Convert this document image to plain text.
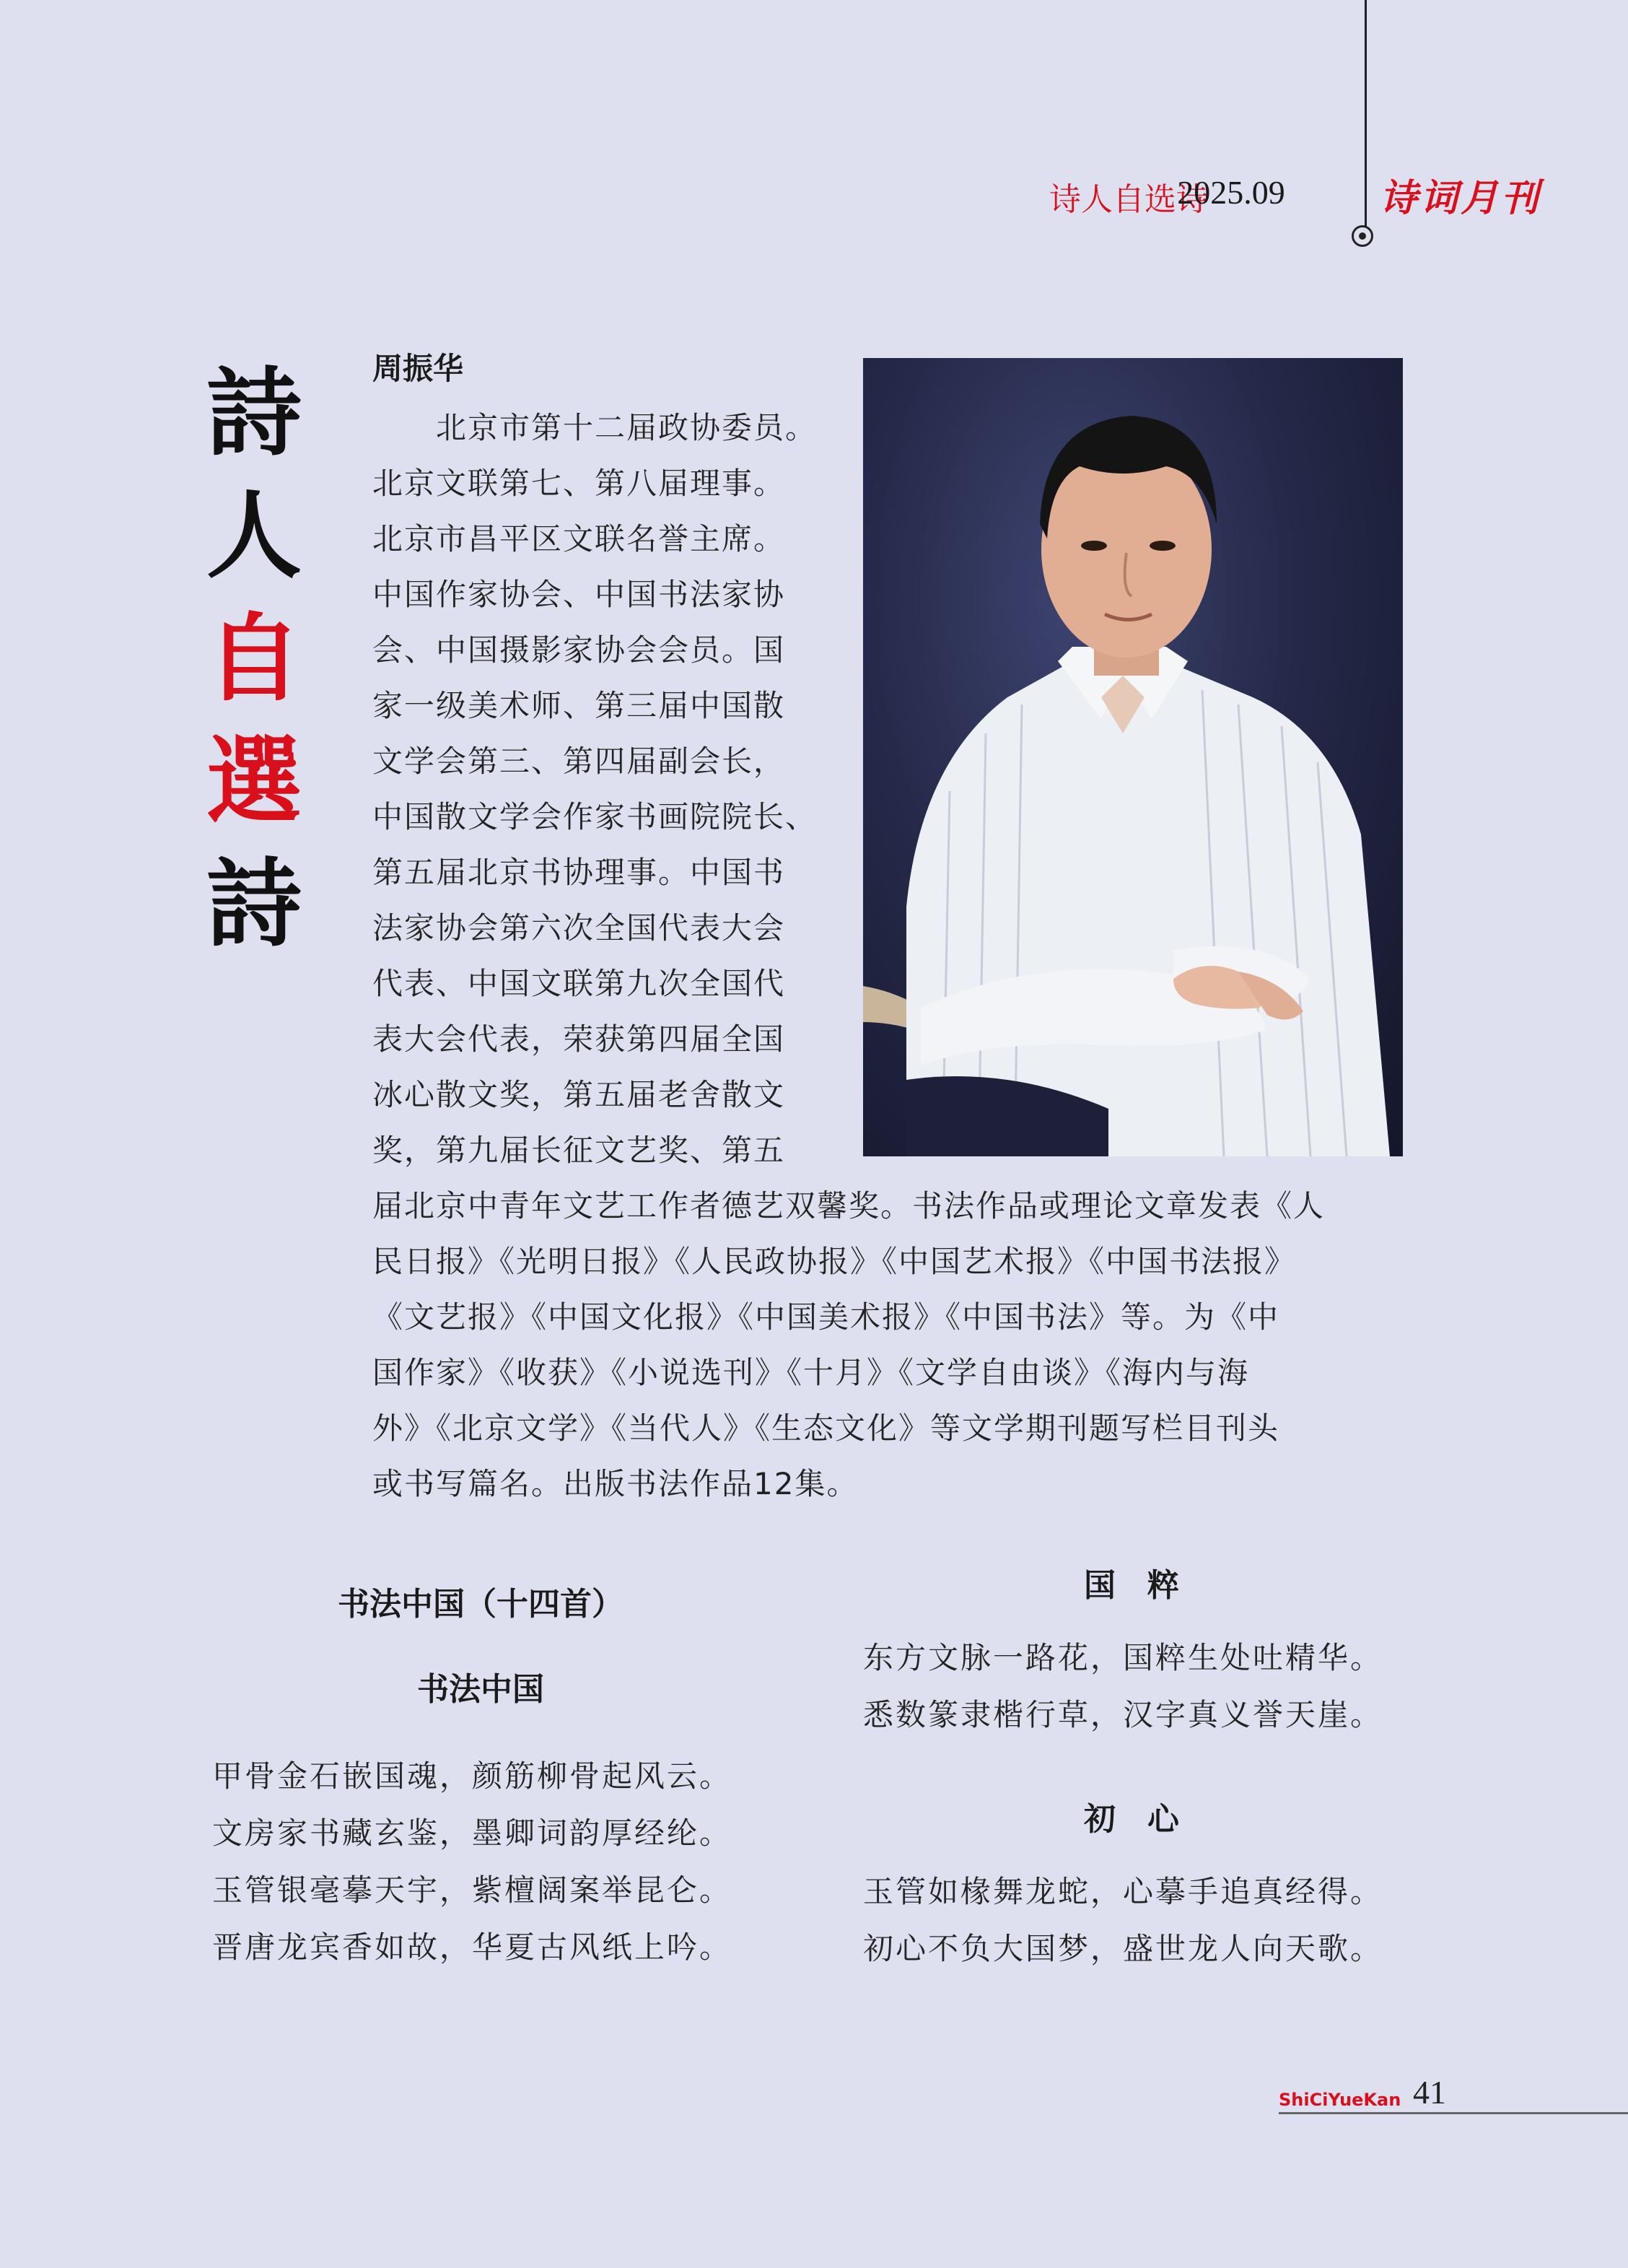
诗人自选诗
2025.09	诗词月刊
詩
人
自
選
詩
周振华
　　北京市第十二届政协委员。
北京文联第七、第八届理事。
北京市昌平区文联名誉主席。
中国作家协会、中国书法家协
会、中国摄影家协会会员。国
家一级美术师、第三届中国散
文学会第三、第四届副会长，
中国散文学会作家书画院院长、
第五届北京书协理事。中国书
法家协会第六次全国代表大会
代表、中国文联第九次全国代
表大会代表，荣获第四届全国
冰心散文奖，第五届老舍散文
奖，第九届长征文艺奖、第五
届北京中青年文艺工作者德艺双馨奖。书法作品或理论文章发表《人
民日报》《光明日报》《人民政协报》《中国艺术报》《中国书法报》
《文艺报》《中国文化报》《中国美术报》《中国书法》等。为《中
国作家》《收获》《小说选刊》《十月》《文学自由谈》《海内与海
外》《北京文学》《当代人》《生态文化》等文学期刊题写栏目刊头
或书写篇名。出版书法作品12集。
书法中国（十四首）
书法中国
甲骨金石嵌国魂，颜筋柳骨起风云。
文房家书藏玄鉴，墨卿词韵厚经纶。
玉管银毫摹天宇，紫檀阔案举昆仑。
晋唐龙宾香如故，华夏古风纸上吟。
国　粹
东方文脉一路花，国粹生处吐精华。
悉数篆隶楷行草，汉字真义誉天崖。
初　心
玉管如椽舞龙蛇，心摹手追真经得。
初心不负大国梦，盛世龙人向天歌。
ShiCiYueKan 41
